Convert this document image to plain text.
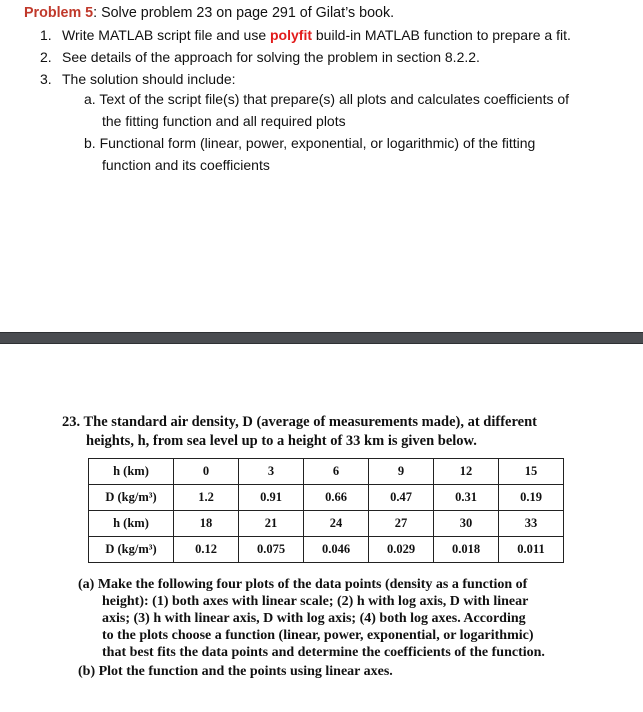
Problem 5: Solve problem 23 on page 291 of Gilat’s book.
1. Write MATLAB script file and use polyfit build-in MATLAB function to prepare a fit.
2. See details of the approach for solving the problem in section 8.2.2.
3. The solution should include:
a. Text of the script file(s) that prepare(s) all plots and calculates coefficients of
the fitting function and all required plots
b. Functional form (linear, power, exponential, or logarithmic) of the fitting
function and its coefficients
23. The standard air density, D (average of measurements made), at different
heights, h, from sea level up to a height of 33 km is given below.
h (km)	0	3	6	9	12	15
D (kg/m³)	1.2	0.91	0.66	0.47	0.31	0.19
h (km)	18	21	24	27	30	33
D (kg/m³)	0.12	0.075	0.046	0.029	0.018	0.011
(a) Make the following four plots of the data points (density as a function of
height): (1) both axes with linear scale; (2) h with log axis, D with linear
axis; (3) h with linear axis, D with log axis; (4) both log axes. According
to the plots choose a function (linear, power, exponential, or logarithmic)
that best fits the data points and determine the coefficients of the function.
(b) Plot the function and the points using linear axes.
